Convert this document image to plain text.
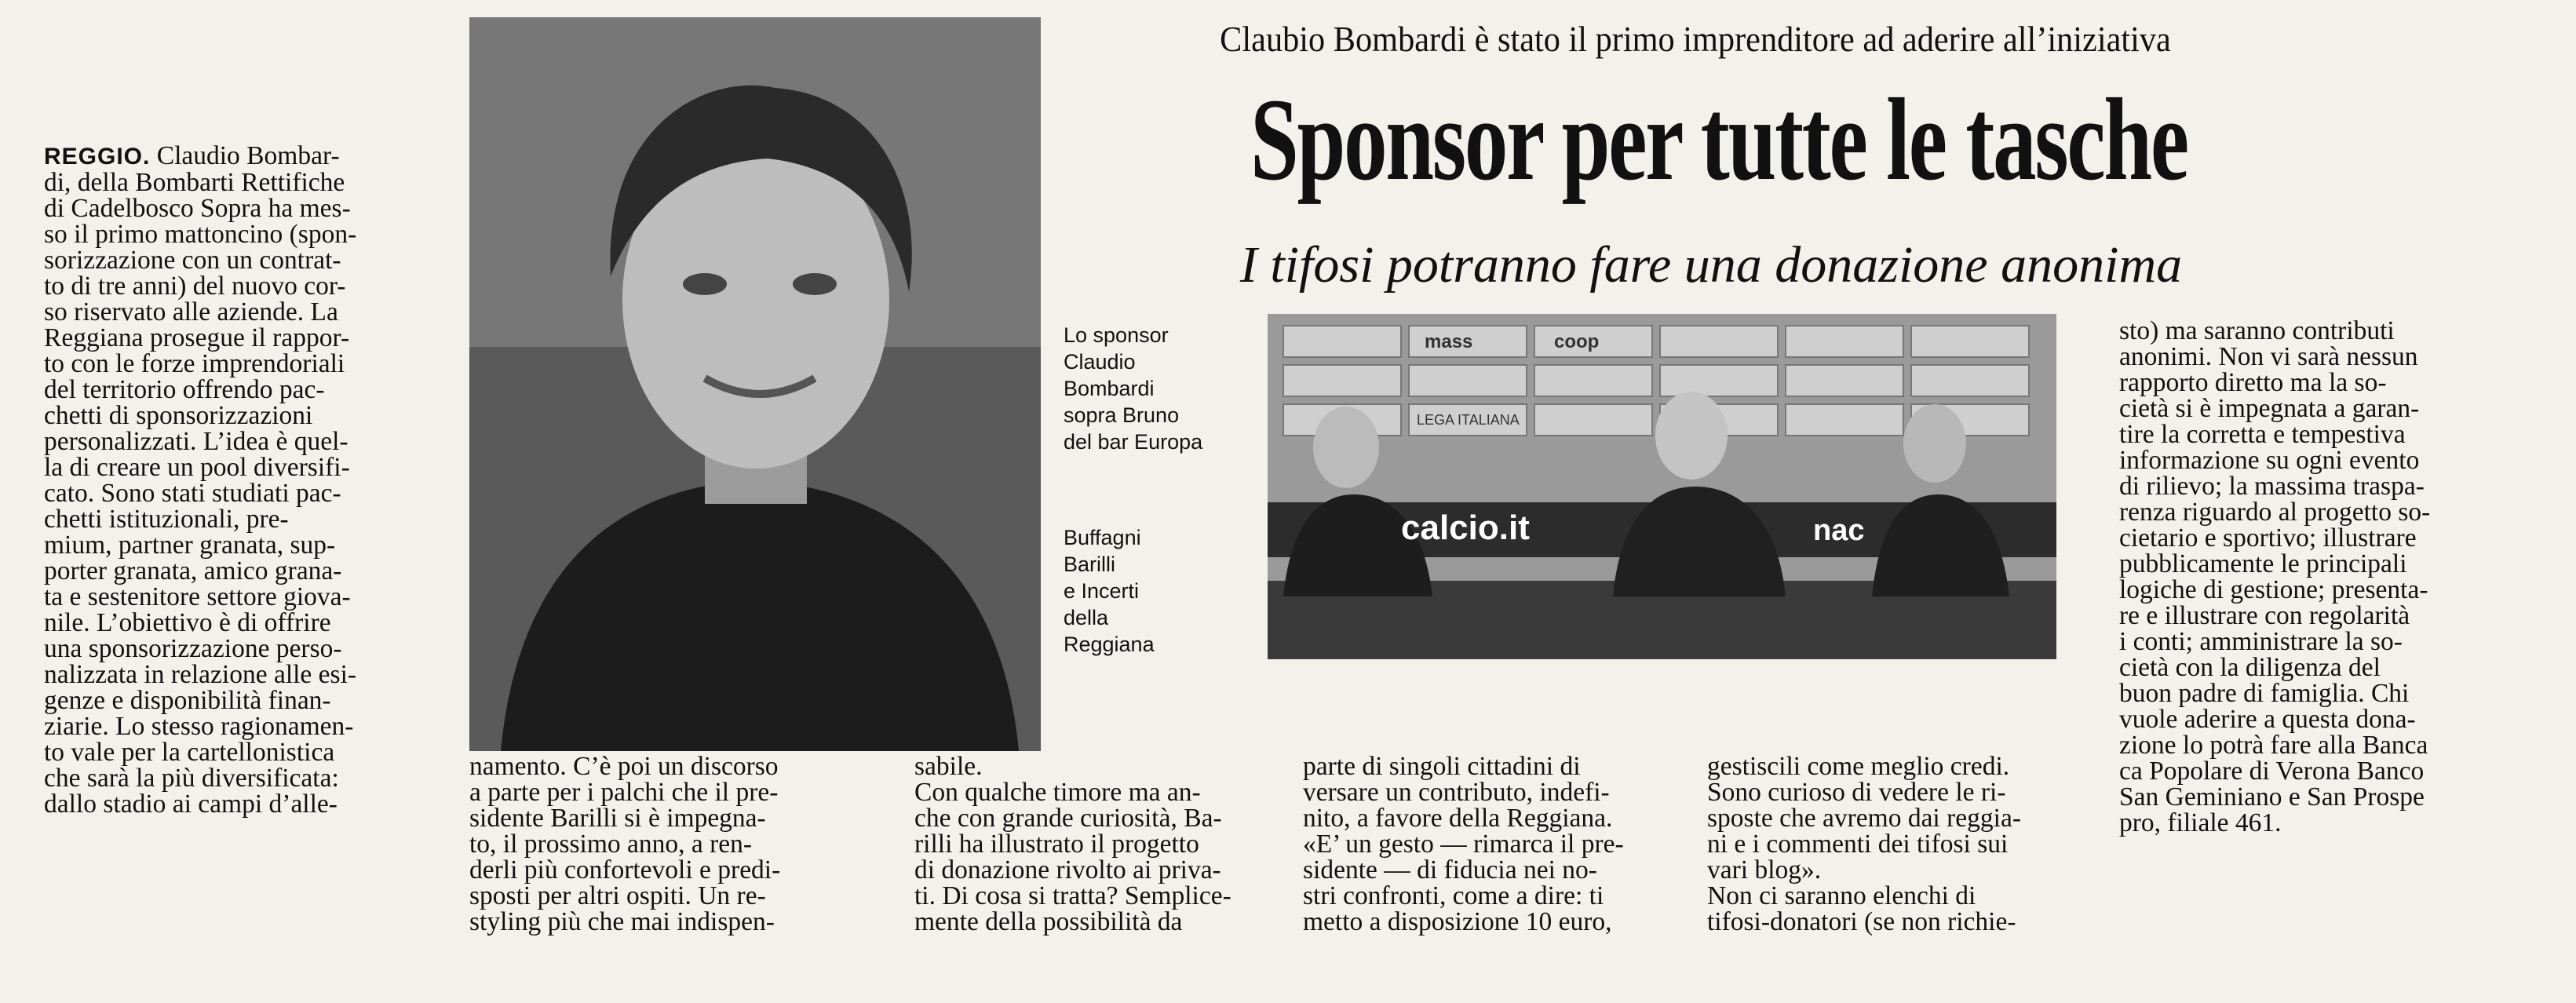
Claubio Bombardi è stato il primo imprenditore ad aderire all’iniziativa
Sponsor per tutte le tasche
I tifosi potranno fare una donazione anonima

REGGIO. Claudio Bombar-
di, della Bombarti Rettifiche
di Cadelbosco Sopra ha mes-
so il primo mattoncino (spon-
sorizzazione con un contrat-
to di tre anni) del nuovo cor-
so riservato alle aziende. La
Reggiana prosegue il rappor-
to con le forze imprendoriali
del territorio offrendo pac-
chetti di sponsorizzazioni
personalizzati. L’idea è quel-
la di creare un pool diversifi-
cato. Sono stati studiati pac-
chetti istituzionali, pre-
mium, partner granata, sup-
porter granata, amico grana-
ta e sestenitore settore giova-
nile. L’obiettivo è di offrire
una sponsorizzazione perso-
nalizzata in relazione alle esi-
genze e disponibilità finan-
ziarie. Lo stesso ragionamen-
to vale per la cartellonistica
che sarà la più diversificata:
dallo stadio ai campi d’alle-

Lo sponsor
Claudio
Bombardi
sopra Bruno
del bar Europa

Buffagni
Barilli
e Incerti
della
Reggiana

calcio.it	nac
mass	coop
LEGA ITALIANA

namento. C’è poi un discorso
a parte per i palchi che il pre-
sidente Barilli si è impegna-
to, il prossimo anno, a ren-
derli più confortevoli e predi-
sposti per altri ospiti. Un re-
styling più che mai indispen-

sabile.
Con qualche timore ma an-
che con grande curiosità, Ba-
rilli ha illustrato il progetto
di donazione rivolto ai priva-
ti. Di cosa si tratta? Semplice-
mente della possibilità da

parte di singoli cittadini di
versare un contributo, indefi-
nito, a favore della Reggiana.
«E’ un gesto — rimarca il pre-
sidente — di fiducia nei no-
stri confronti, come a dire: ti
metto a disposizione 10 euro,

gestiscili come meglio credi.
Sono curioso di vedere le ri-
sposte che avremo dai reggia-
ni e i commenti dei tifosi sui
vari blog».
Non ci saranno elenchi di
tifosi-donatori (se non richie-

sto) ma saranno contributi
anonimi. Non vi sarà nessun
rapporto diretto ma la so-
cietà si è impegnata a garan-
tire la corretta e tempestiva
informazione su ogni evento
di rilievo; la massima traspa-
renza riguardo al progetto so-
cietario e sportivo; illustrare
pubblicamente le principali
logiche di gestione; presenta-
re e illustrare con regolarità
i conti; amministrare la so-
cietà con la diligenza del
buon padre di famiglia. Chi
vuole aderire a questa dona-
zione lo potrà fare alla Banca
ca Popolare di Verona Banco
San Geminiano e San Prospe
pro, filiale 461.
